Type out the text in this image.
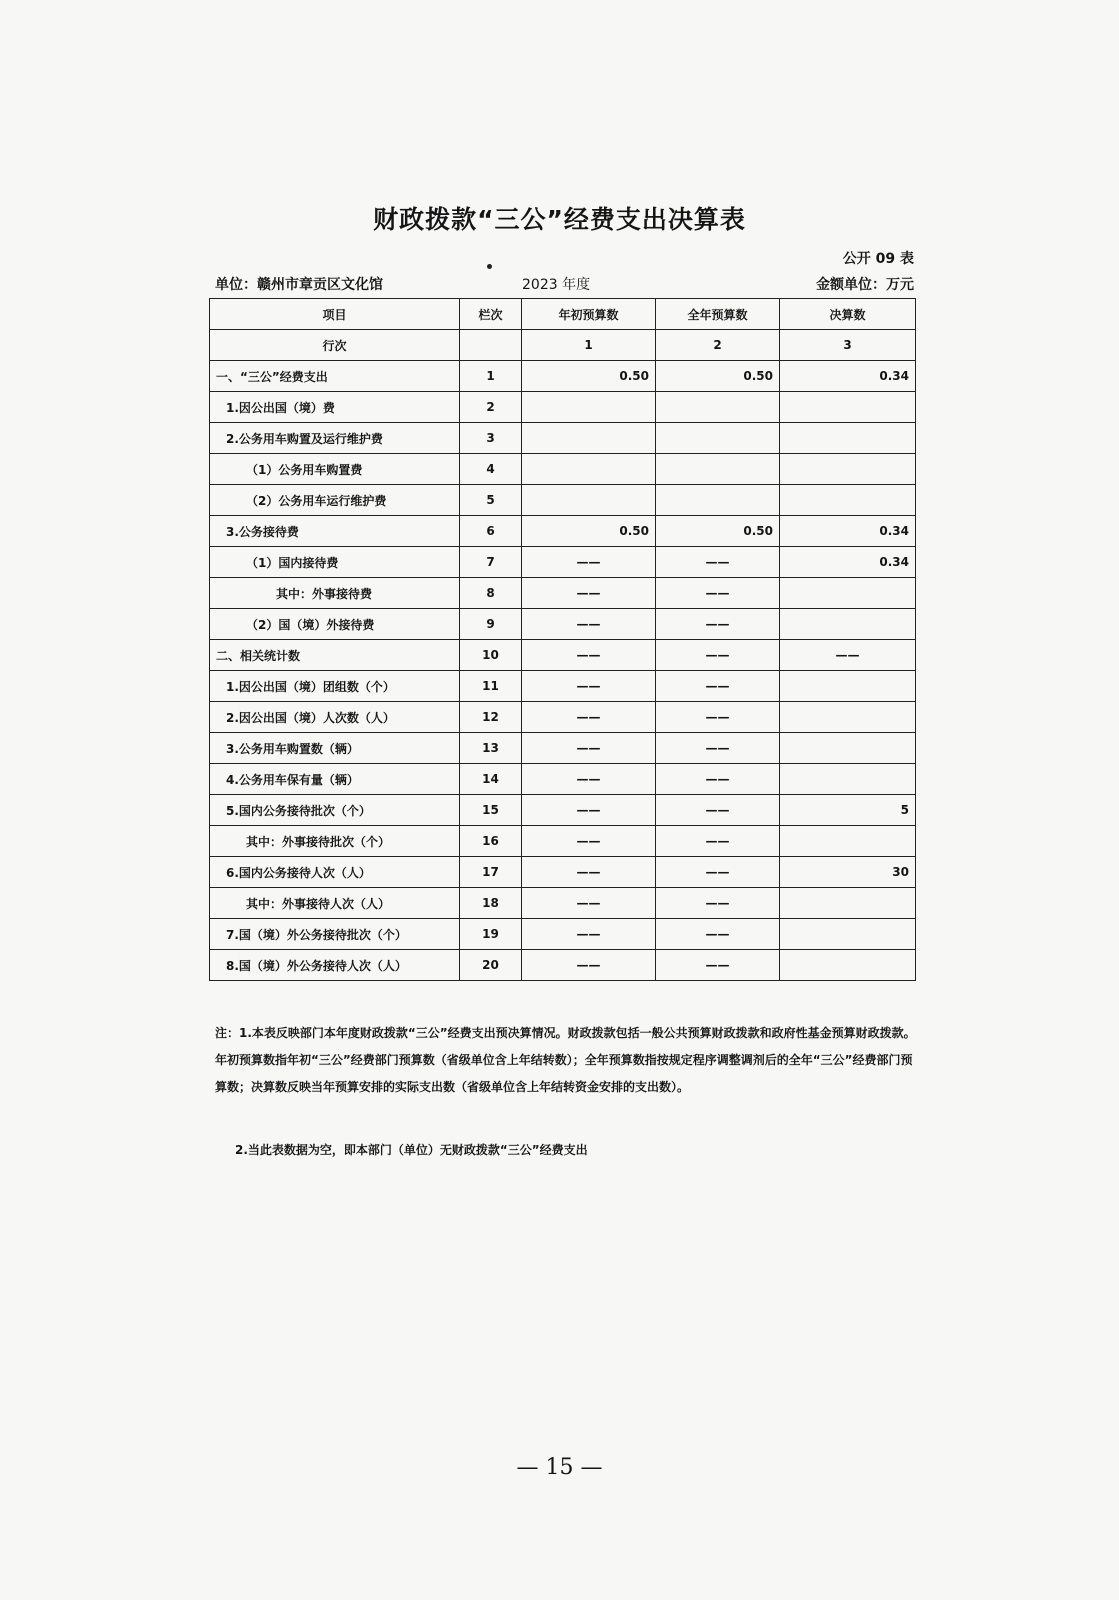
财政拨款“三公”经费支出决算表
公开 09 表
单位：赣州市章贡区文化馆	2023 年度	金额单位：万元
项目	栏次	年初预算数	全年预算数	决算数
行次		1	2	3
一、“三公”经费支出	1	0.50	0.50	0.34
1.因公出国（境）费	2			
2.公务用车购置及运行维护费	3			
（1）公务用车购置费	4			
（2）公务用车运行维护费	5			
3.公务接待费	6	0.50	0.50	0.34
（1）国内接待费	7	——	——	0.34
其中：外事接待费	8	——	——	
（2）国（境）外接待费	9	——	——	
二、相关统计数	10	——	——	——
1.因公出国（境）团组数（个）	11	——	——	
2.因公出国（境）人次数（人）	12	——	——	
3.公务用车购置数（辆）	13	——	——	
4.公务用车保有量（辆）	14	——	——	
5.国内公务接待批次（个）	15	——	——	5
其中：外事接待批次（个）	16	——	——	
6.国内公务接待人次（人）	17	——	——	30
其中：外事接待人次（人）	18	——	——	
7.国（境）外公务接待批次（个）	19	——	——	
8.国（境）外公务接待人次（人）	20	——	——	
注：1.本表反映部门本年度财政拨款“三公”经费支出预决算情况。财政拨款包括一般公共预算财政拨款和政府性基金预算财政拨款。年初预算数指年初“三公”经费部门预算数（省级单位含上年结转数）；全年预算数指按规定程序调整调剂后的全年“三公”经费部门预算数；决算数反映当年预算安排的实际支出数（省级单位含上年结转资金安排的支出数）。
2.当此表数据为空，即本部门（单位）无财政拨款“三公”经费支出
— 15 —
